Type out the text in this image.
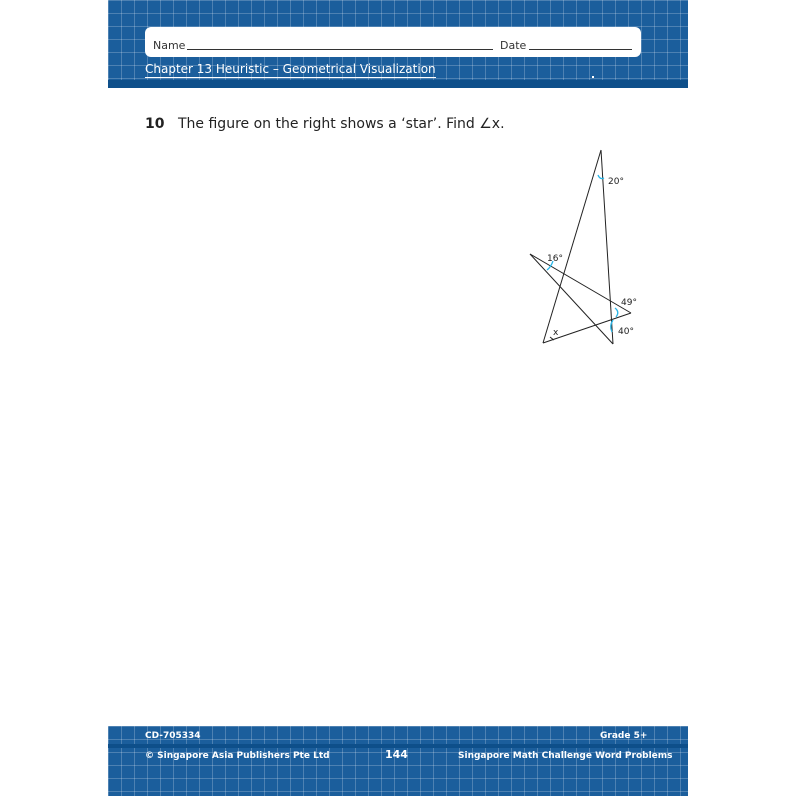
Name	Date
Chapter 13 Heuristic – Geometrical Visualization
10 The figure on the right shows a ‘star’. Find ∠x.
20°
16°
49°
40°
x
CD-705334	Grade 5+
© Singapore Asia Publishers Pte Ltd	144	Singapore Math Challenge Word Problems
